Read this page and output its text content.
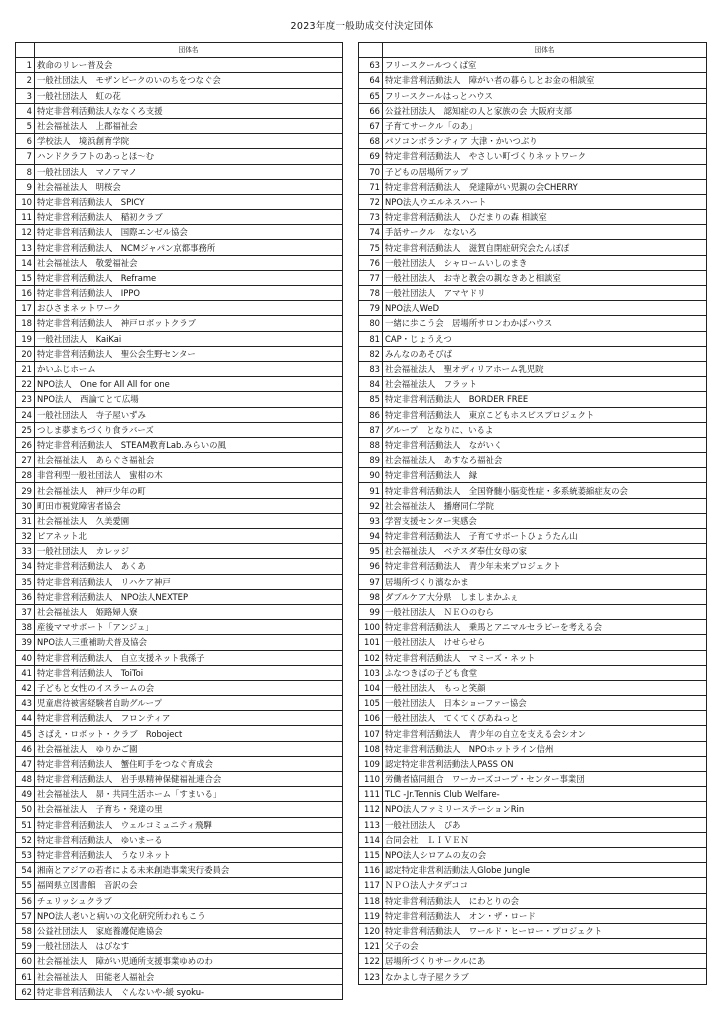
2023年度一般助成交付決定団体
	団体名
1	救命のリレー普及会
2	一般社団法人　モザンビークのいのちをつなぐ会
3	一般社団法人　虹の花
4	特定非営利活動法人ななくろ支援
5	社会福祉法人　上郡福祉会
6	学校法人　境浜創育学院
7	ハンドクラフトのあっとほ～む
8	一般社団法人　マノアマノ
9	社会福祉法人　明桜会
10	特定非営利活動法人　SPICY
11	特定非営利活動法人　稲初クラブ
12	特定非営利活動法人　国際エンゼル協会
13	特定非営利活動法人　NCMジャパン京都事務所
14	社会福祉法人　敬愛福祉会
15	特定非営利活動法人　Reframe
16	特定非営利活動法人　IPPO
17	おひさまネットワーク
18	特定非営利活動法人　神戸ロボットクラブ
19	一般社団法人　KaiKai
20	特定非営利活動法人　聖公会生野センター
21	かいふじホーム
22	NPO法人　One for All All for one
23	NPO法人　西論てとて広場
24	一般社団法人　寺子屋いずみ
25	つしま夢まちづくり食ラバーズ
26	特定非営利活動法人　STEAM教育Lab.みらいの風
27	社会福祉法人　あらぐさ福祉会
28	非営利型一般社団法人　蜜柑の木
29	社会福祉法人　神戸少年の町
30	町田市視覚障害者協会
31	社会福祉法人　久美愛園
32	ピアネット北
33	一般社団法人　カレッジ
34	特定非営利活動法人　あくあ
35	特定非営利活動法人　リハケア神戸
36	特定非営利活動法人　NPO法人NEXTEP
37	社会福祉法人　姫路婦人寮
38	産後ママサポート「アンジュ」
39	NPO法人三重補助犬普及協会
40	特定非営利活動法人　自立支援ネット我孫子
41	特定非営利活動法人　ToiToi
42	子どもと女性のイスラームの会
43	児童虐待被害経験者自助グループ
44	特定非営利活動法人　フロンティア
45	さばえ・ロボット・クラブ　Roboject
46	社会福祉法人　ゆりかご園
47	特定非営利活動法人　蟹住町手をつなぐ育成会
48	特定非営利活動法人　岩手県精神保健福祉連合会
49	社会福祉法人　昴・共同生活ホーム「すまいる」
50	社会福祉法人　子育ち・発達の里
51	特定非営利活動法人　ウェルコミュニティ飛騨
52	特定非営利活動法人　ゆいまーる
53	特定非営利活動法人　うなリネット
54	湘南とアジアの若者による未来創造事業実行委員会
55	福岡県立図書館　音訳の会
56	チェリッシュクラブ
57	NPO法人老いと病いの文化研究所われもこう
58	公益社団法人　家庭養護促進協会
59	一般社団法人　はびなす
60	社会福祉法人　障がい児通所支援事業ゆめのわ
61	社会福祉法人　田能老人福祉会
62	特定非営利活動法人　ぐんないや-緩 syoku-
	団体名
63	フリースクールつくば室
64	特定非営利活動法人　障がい者の暮らしとお金の相談室
65	フリースクールはっとハウス
66	公益社団法人　認知症の人と家族の会 大阪府支部
67	子育てサークル「のあ」
68	パソコンボランティア 大津・かいつぶり
69	特定非営利活動法人　やさしい町づくりネットワーク
70	子どもの居場所アップ
71	特定非営利活動法人　発達障がい児親の会CHERRY
72	NPO法人ウエルネスハート
73	特定非営利活動法人　ひだまりの森 相談室
74	手話サークル　なないろ
75	特定非営利活動法人　滋賀自閉症研究会たんぽぽ
76	一般社団法人　シャロームいしのまき
77	一般社団法人　お寺と教会の親なきあと相談室
78	一般社団法人　アマヤドリ
79	NPO法人WeD
80	一緒に歩こう会　居場所サロンわかばハウス
81	CAP・じょうえつ
82	みんなのあそびば
83	社会福祉法人　聖オディリアホーム乳児院
84	社会福祉法人　フラット
85	特定非営利活動法人　BORDER FREE
86	特定非営利活動法人　東京こどもホスピスプロジェクト
87	グループ　となりに、いるよ
88	特定非営利活動法人　ながいく
89	社会福祉法人　あすなろ福祉会
90	特定非営利活動法人　縁
91	特定非営利活動法人　全国脊髄小脳変性症・多系統萎縮症友の会
92	社会福祉法人　播磨同仁学院
93	学習支援センター実感会
94	特定非営利活動法人　子育てサポートひょうたん山
95	社会福祉法人　ベテスダ奉仕女母の家
96	特定非営利活動法人　青少年未来プロジェクト
97	居場所づくり濱なかま
98	ダブルケア大分県　しましまかふぇ
99	一般社団法人　ＮＥＯのむら
100	特定非営利活動法人　乗馬とアニマルセラピーを考える会
101	一般社団法人　けせらせら
102	特定非営利活動法人　マミーズ・ネット
103	ふなつきばの子ども食堂
104	一般社団法人　もっと笑顔
105	一般社団法人　日本ショーファー協会
106	一般社団法人　てくてくぴあねっと
107	特定非営利活動法人　青少年の自立を支える会シオン
108	特定非営利活動法人　NPOホットライン信州
109	認定特定非営利活動法人PASS ON
110	労働者協同組合　ワーカーズコープ・センター事業団
111	TLC -Jr.Tennis Club Welfare-
112	NPO法人ファミリーステーションRin
113	一般社団法人　ぴあ
114	合同会社　ＬＩＶＥＮ
115	NPO法人シロアムの友の会
116	認定特定非営利活動法人Globe Jungle
117	ＮＰＯ法人ナタデココ
118	特定非営利活動法人　にわとりの会
119	特定非営利活動法人　オン・ザ・ロード
120	特定非営利活動法人　ワールド・ヒーロー・プロジェクト
121	父子の会
122	居場所づくりサークルにあ
123	なかよし寺子屋クラブ
